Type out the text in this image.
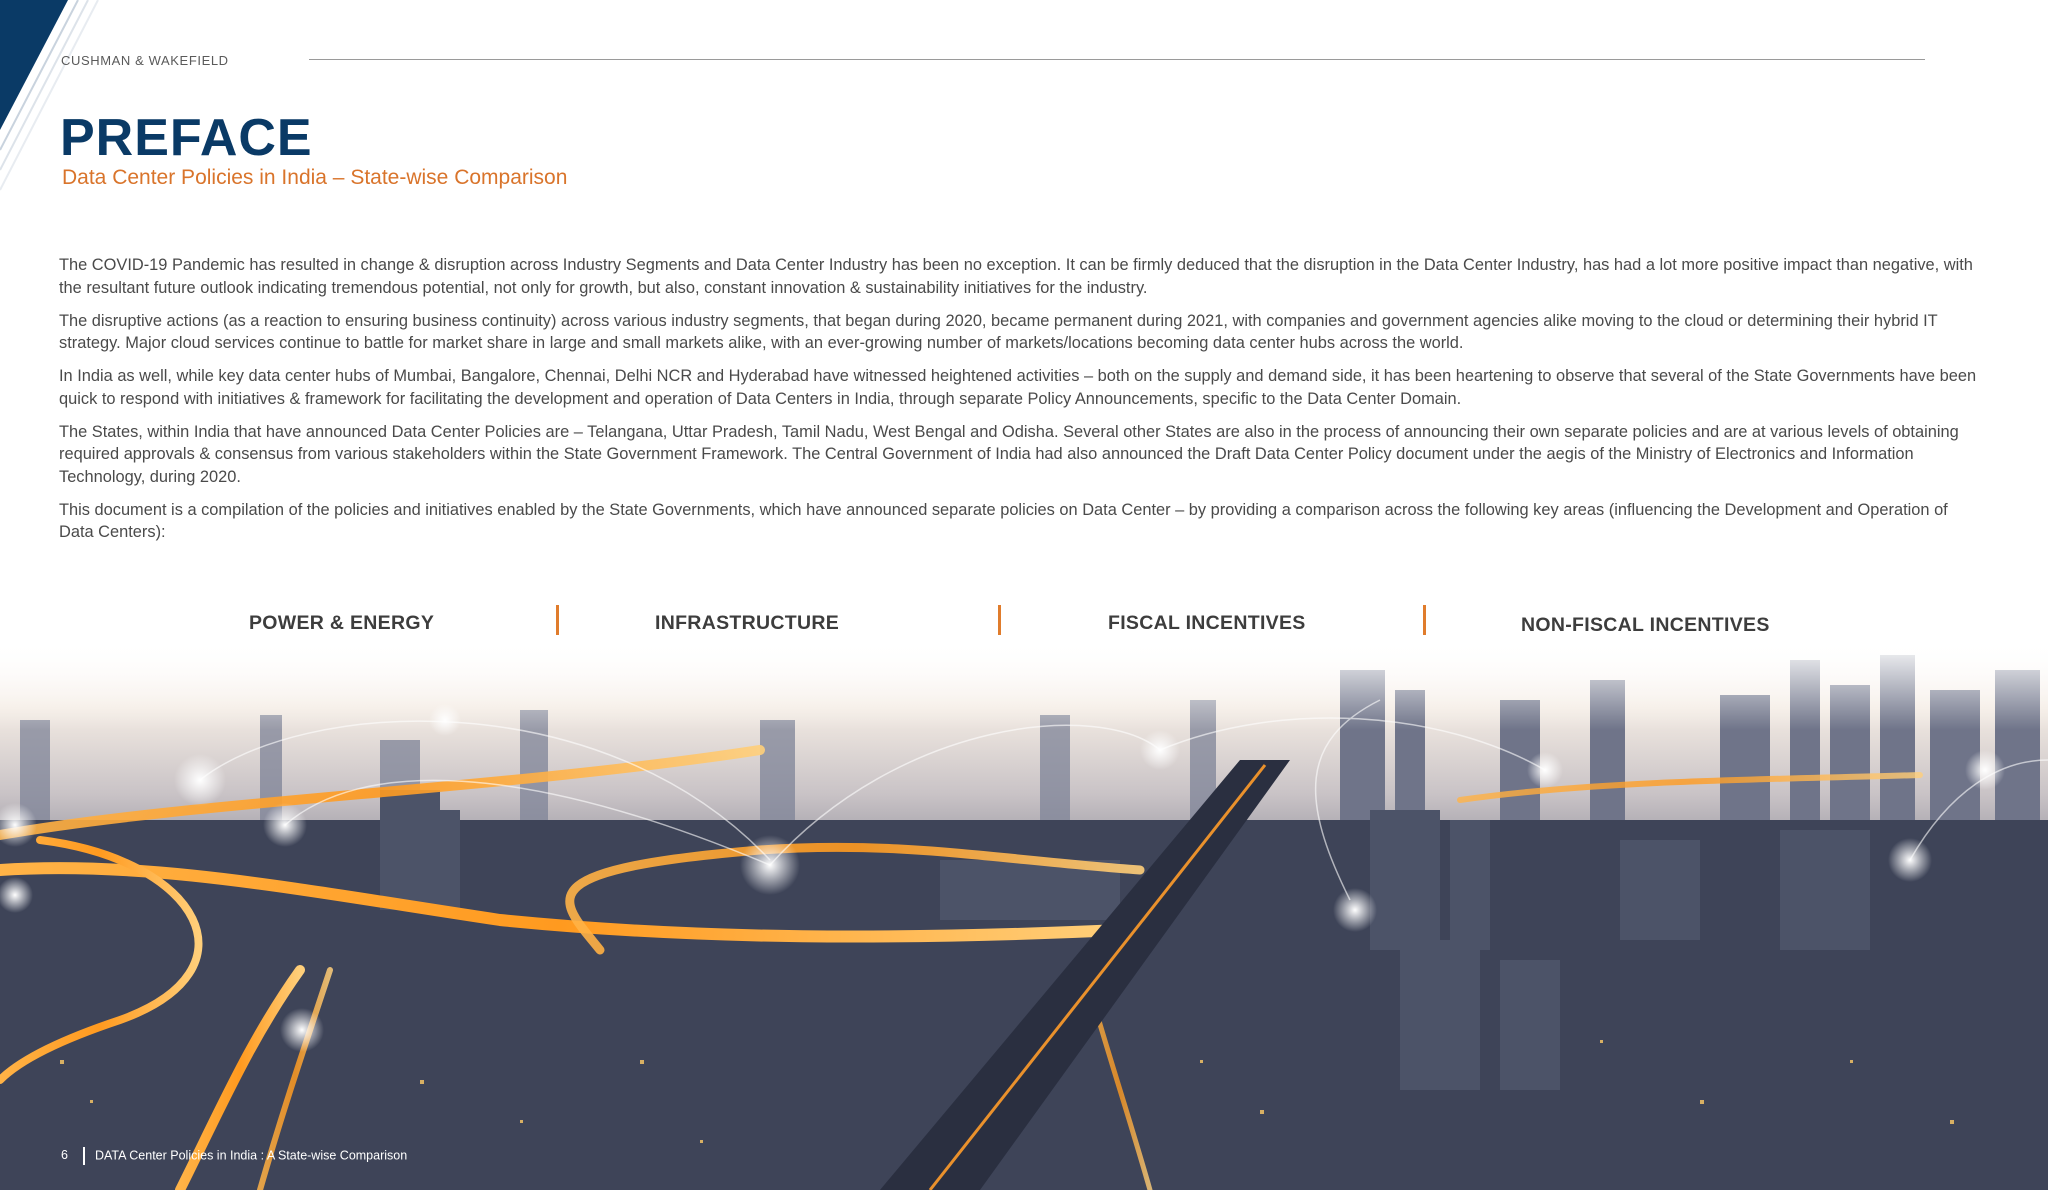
CUSHMAN & WAKEFIELD
PREFACE
Data Center Policies in India – State-wise Comparison

The COVID-19 Pandemic has resulted in change & disruption across Industry Segments and Data Center Industry has been no exception. It can be firmly deduced that the disruption in the Data Center Industry, has had a lot more positive impact than negative, with the resultant future outlook indicating tremendous potential, not only for growth, but also, constant innovation & sustainability initiatives for the industry.

The disruptive actions (as a reaction to ensuring business continuity) across various industry segments, that began during 2020, became permanent during 2021, with companies and government agencies alike moving to the cloud or determining their hybrid IT strategy. Major cloud services continue to battle for market share in large and small markets alike, with an ever-growing number of markets/locations becoming data center hubs across the world.

In India as well, while key data center hubs of Mumbai, Bangalore, Chennai, Delhi NCR and Hyderabad have witnessed heightened activities – both on the supply and demand side, it has been heartening to observe that several of the State Governments have been quick to respond with initiatives & framework for facilitating the development and operation of Data Centers in India, through separate Policy Announcements, specific to the Data Center Domain.

The States, within India that have announced Data Center Policies are – Telangana, Uttar Pradesh, Tamil Nadu, West Bengal and Odisha. Several other States are also in the process of announcing their own separate policies and are at various levels of obtaining required approvals & consensus from various stakeholders within the State Government Framework. The Central Government of India had also announced the Draft Data Center Policy document under the aegis of the Ministry of Electronics and Information Technology, during 2020.

This document is a compilation of the policies and initiatives enabled by the State Governments, which have announced separate policies on Data Center – by providing a comparison across the following key areas (influencing the Development and Operation of Data Centers):

POWER & ENERGY	INFRASTRUCTURE	FISCAL INCENTIVES	NON-FISCAL INCENTIVES
6 DATA Center Policies in India : A State-wise Comparison
